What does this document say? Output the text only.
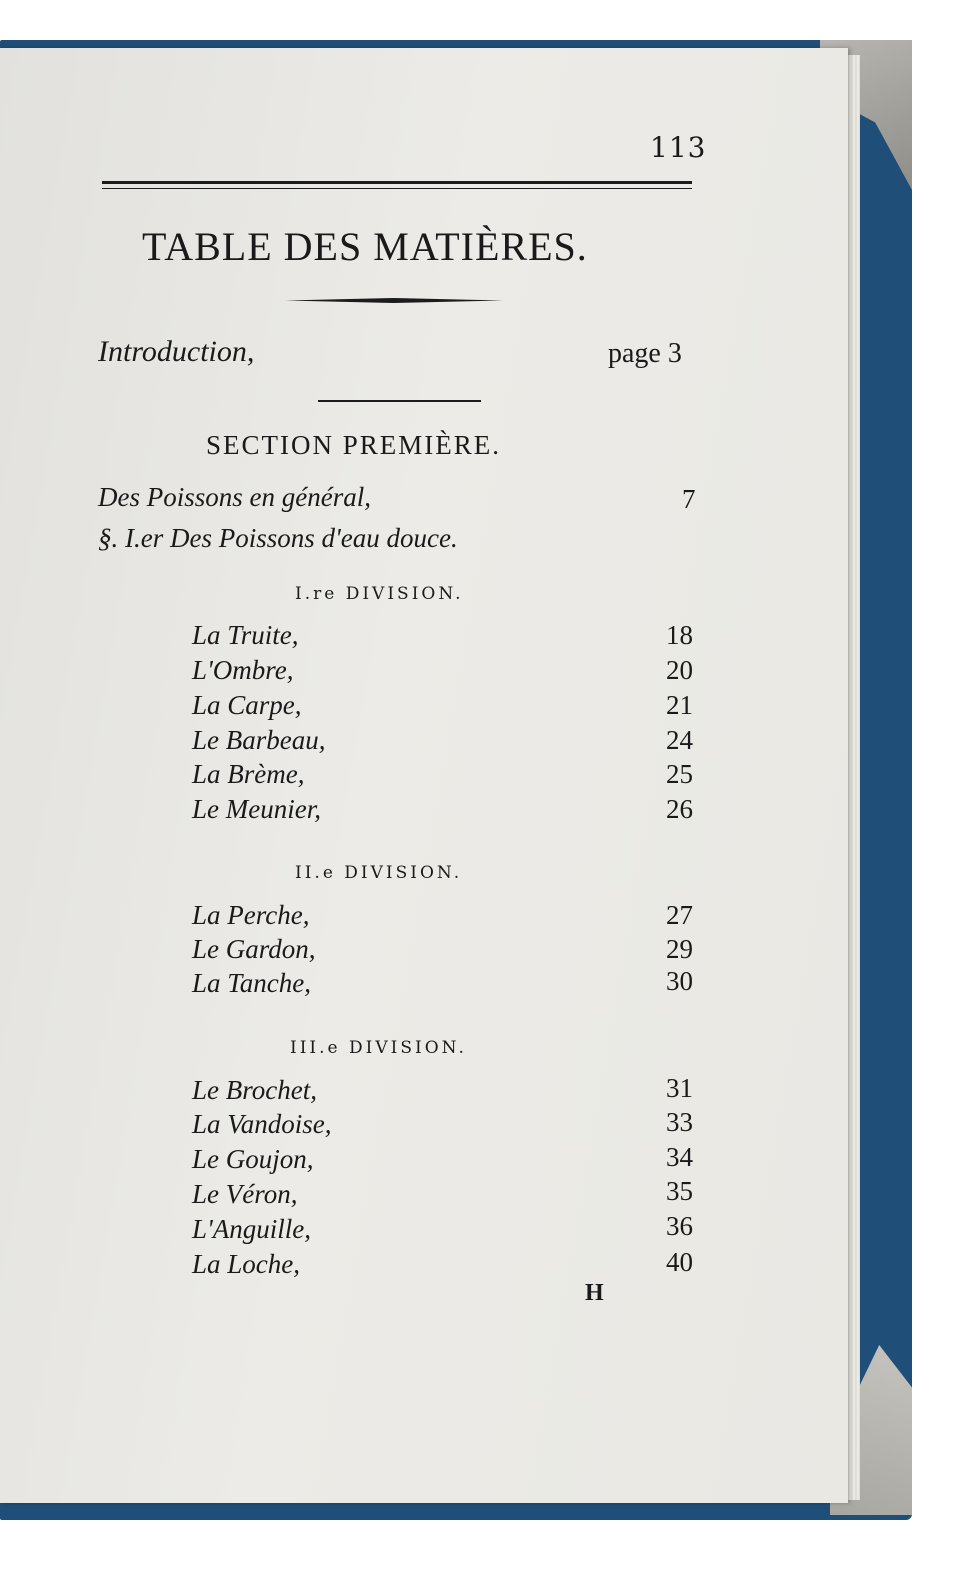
113
TABLE DES MATIÈRES.
Introduction,	page 3
SECTION PREMIÈRE.
Des Poissons en général,	7
§. I.er Des Poissons d'eau douce.
I.re DIVISION.
La Truite,	18
L'Ombre,	20
La Carpe,	21
Le Barbeau,	24
La Brème,	25
Le Meunier,	26
II.e DIVISION.
La Perche,	27
Le Gardon,	29
La Tanche,	30
III.e DIVISION.
Le Brochet,	31
La Vandoise,	33
Le Goujon,	34
Le Véron,	35
L'Anguille,	36
La Loche,	40
H
